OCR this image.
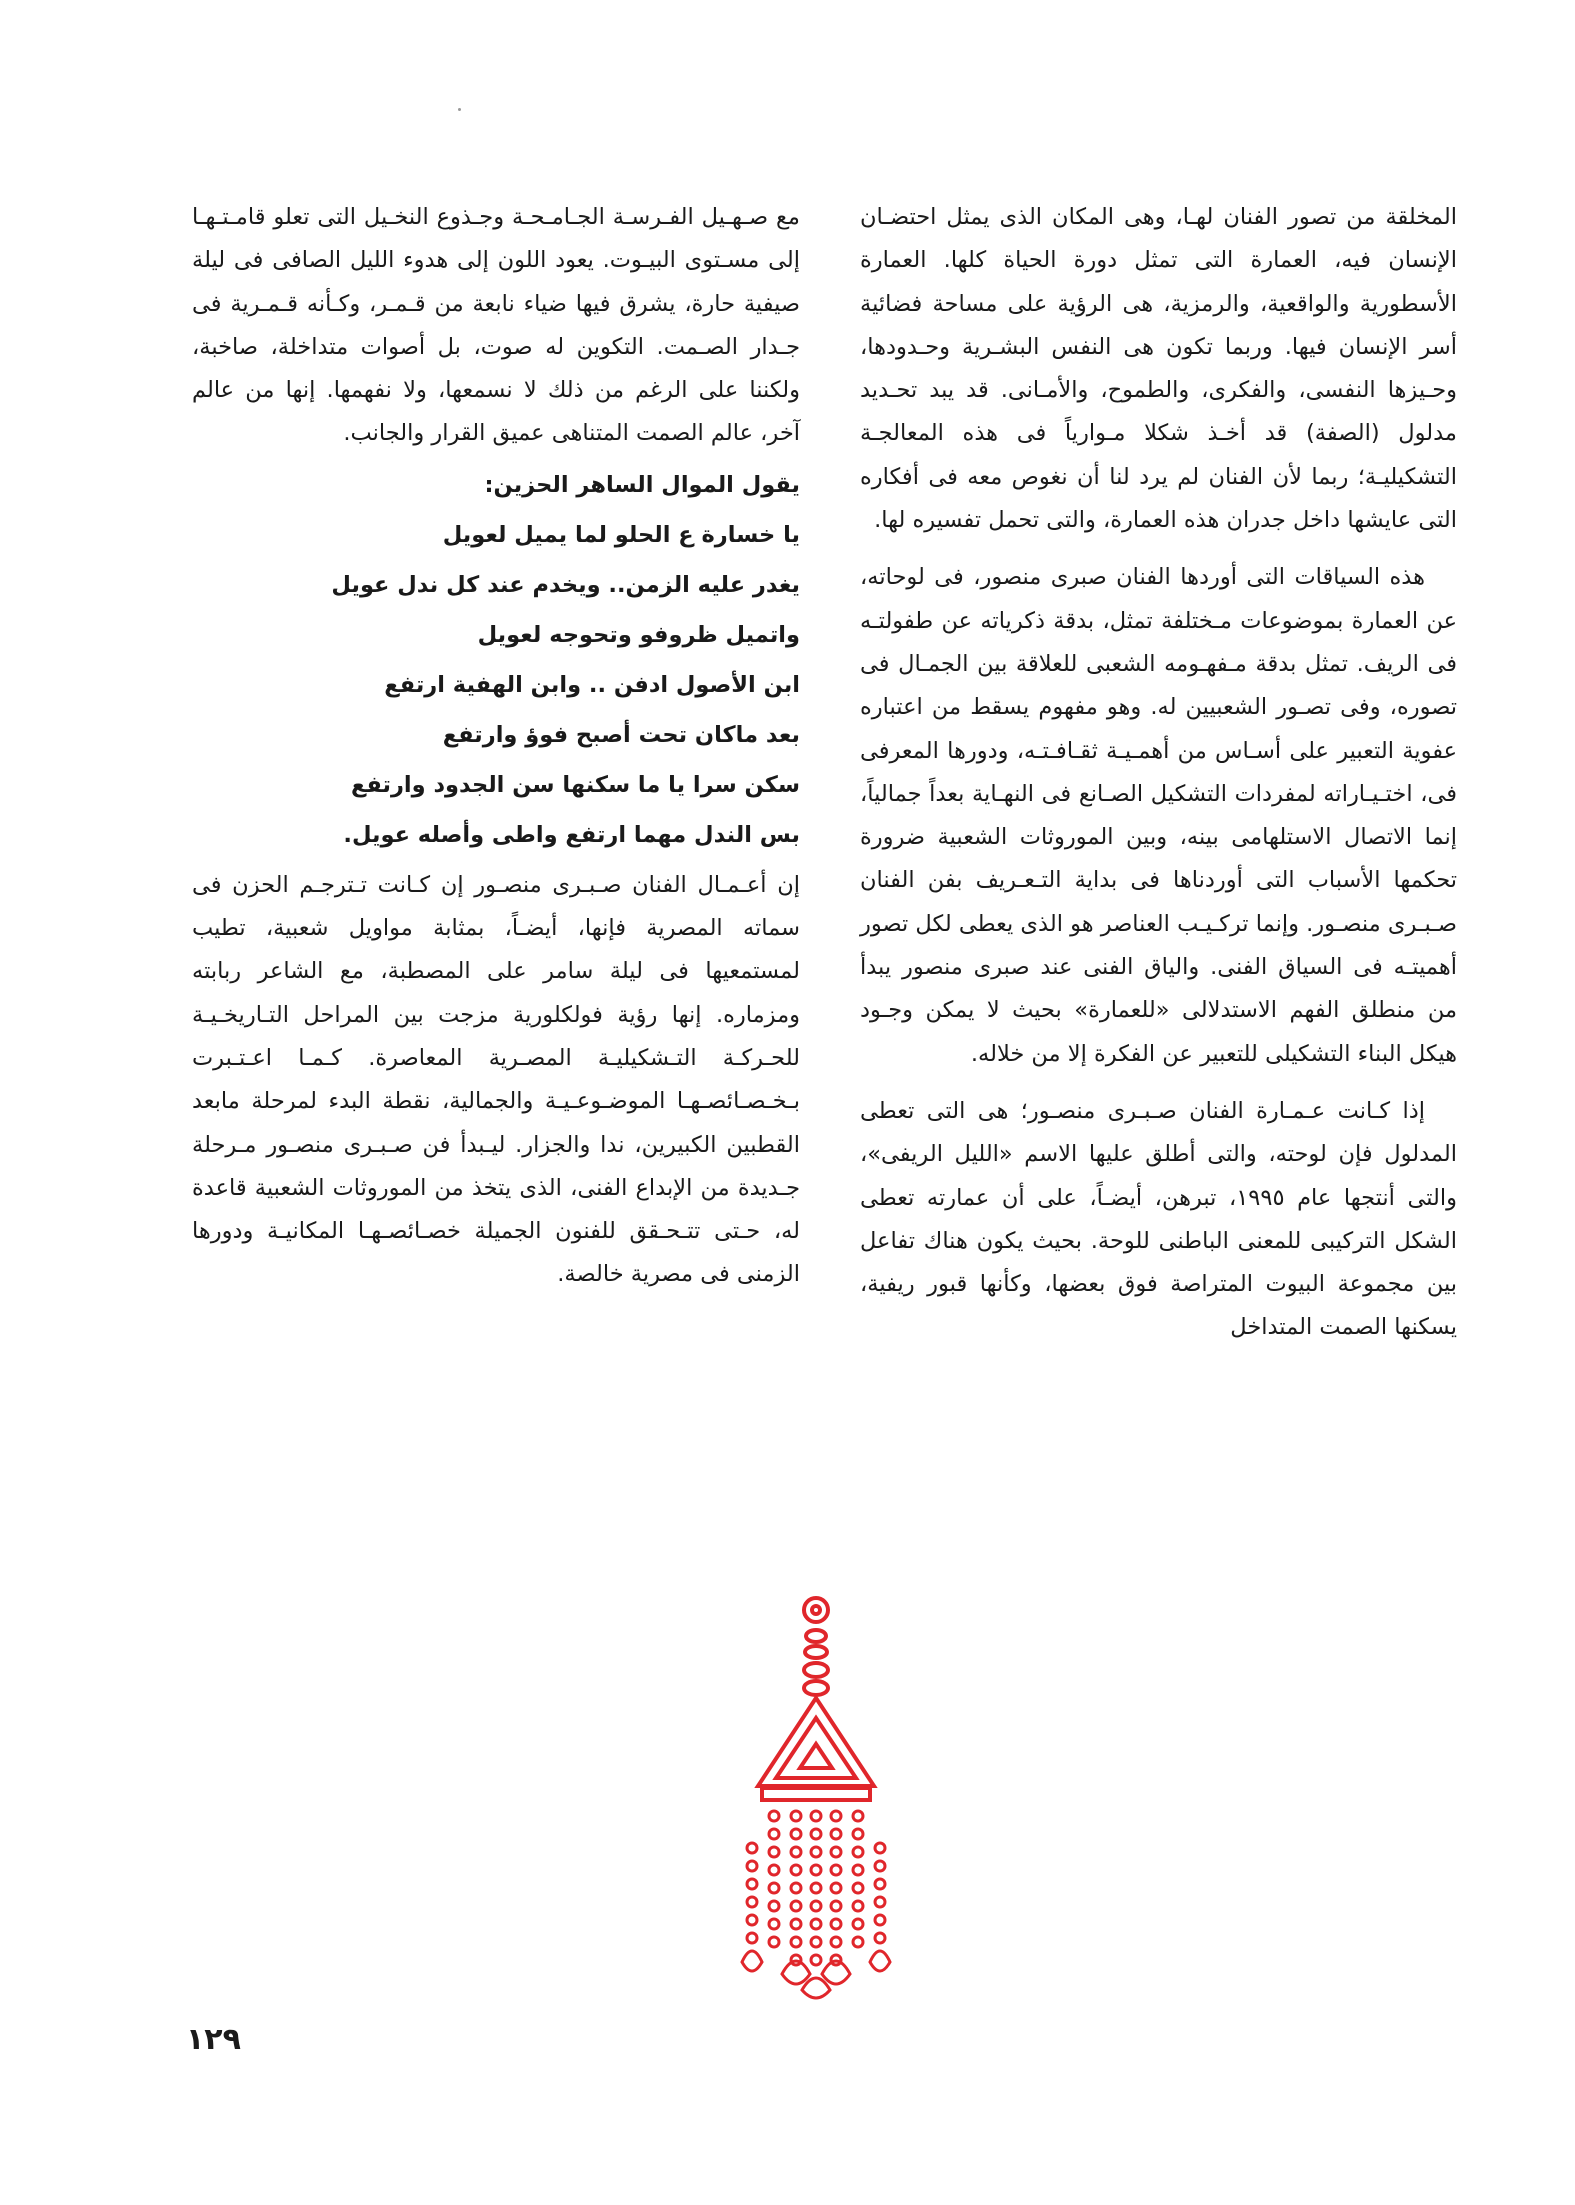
المخلقة من تصور الفنان لهـا، وهى المكان الذى يمثل احتضـان الإنسان فيه، العمارة التى تمثل دورة الحياة كلها. العمارة الأسطورية والواقعية، والرمزية، هى الرؤية على مساحة فضائية أسر الإنسان فيها. وربما تكون هى النفس البشـرية وحـدودها، وحـيزها النفسى، والفكرى، والطموح، والأمـانى. قد يبد تحـديد مدلول (الصفة) قد أخـذ شكلا مـوارياً فى هذه المعالجـة التشكيليـة؛ ربما لأن الفنان لم يرد لنا أن نغوص معه فى أفكاره التى عايشها داخل جدران هذه العمارة، والتى تحمل تفسيره لها.

هذه السياقات التى أوردها الفنان صبرى منصور، فى لوحاته، عن العمارة بموضوعات مـختلفة تمثل، بدقة ذكرياته عن طفولتـه فى الريف. تمثل بدقة مـفهـومه الشعبى للعلاقة بين الجمـال فى تصوره، وفى تصـور الشعبيين له. وهو مفهوم يسقط من اعتباره عفوية التعبير على أسـاس من أهمـيـة ثقـافـتـه، ودورها المعرفى فى، اختـيـاراته لمفردات التشكيل الصـانع فى النهـاية بعداً جمالياً، إنما الاتصال الاستلهامى بينه، وبين الموروثات الشعبية ضرورة تحكمها الأسباب التى أوردناها فى بداية التـعـريف بفن الفنان صـبـرى منصـور. وإنما تركـيـب العناصر هو الذى يعطى لكل تصور أهميتـه فى السياق الفنى. والياق الفنى عند صبرى منصور يبدأ من منطلق الفهم الاستدلالى «للعمارة» بحيث لا يمكن وجـود هيكل البناء التشكيلى للتعبير عن الفكرة إلا من خلاله.

إذا كـانت عـمـارة الفنان صـبـرى منصـور؛ هى التى تعطى المدلول فإن لوحته، والتى أطلق عليها الاسم «الليل الريفى»، والتى أنتجها عام ١٩٩٥، تبرهن، أيضـاً، على أن عمارته تعطى الشكل التركيبى للمعنى الباطنى للوحة. بحيث يكون هناك تفاعل بين مجموعة البيوت المتراصة فوق بعضها، وكأنها قبور ريفية، يسكنها الصمت المتداخل

مع صـهـيل الفـرسـة الجـامـحـة وجـذوع النخـيل التى تعلو قامـتـهـا إلى مسـتوى البيـوت. يعود اللون إلى هدوء الليل الصافى فى ليلة صيفية حارة، يشرق فيها ضياء نابعة من قـمـر، وكـأنه قـمـرية فى جـدار الصـمت. التكوين له صوت، بل أصوات متداخلة، صاخبة، ولكننا على الرغم من ذلك لا نسمعها، ولا نفهمها. إنها من عالم آخر، عالم الصمت المتناهى عميق القرار والجانب.

يقول الموال الساهر الحزين:

يا خسارة ع الحلو لما يميل لعويل

يغدر عليه الزمن.. ويخدم عند كل ندل عويل

واتميل ظروفو وتحوجه لعويل

ابن الأصول ادفن .. وابن الهفية ارتفع

بعد ماكان تحت أصبح فوؤ وارتفع

سكن سرا يا ما سكنها سن الجدود وارتفع

بس الندل مهما ارتفع واطى وأصله عويل.

إن أعـمـال الفنان صـبـرى منصـور إن كـانت تـترجـم الحزن فى سماته المصرية فإنها، أيضـاً، بمثابة مواويل شعبية، تطيب لمستمعيها فى ليلة سامر على المصطبة، مع الشاعر ربابته ومزماره. إنها رؤية فولكلورية مزجت بين المراحل التـاريخـيـة للحـركـة التـشكيليـة المصـرية المعاصرة. كـمـا اعـتـبرت بـخـصـائصـهـا الموضـوعـيـة والجمالية، نقطة البدء لمرحلة مابعد القطبين الكبيرين، ندا والجزار. ليـبدأ فن صـبـرى منصـور مـرحلة جـديدة من الإبداع الفنى، الذى يتخذ من الموروثات الشعبية قاعدة له، حـتى تتـحـقق للفنون الجميلة خصـائصـهـا المكانيـة ودورها الزمنى فى مصرية خالصة.

١٢٩
